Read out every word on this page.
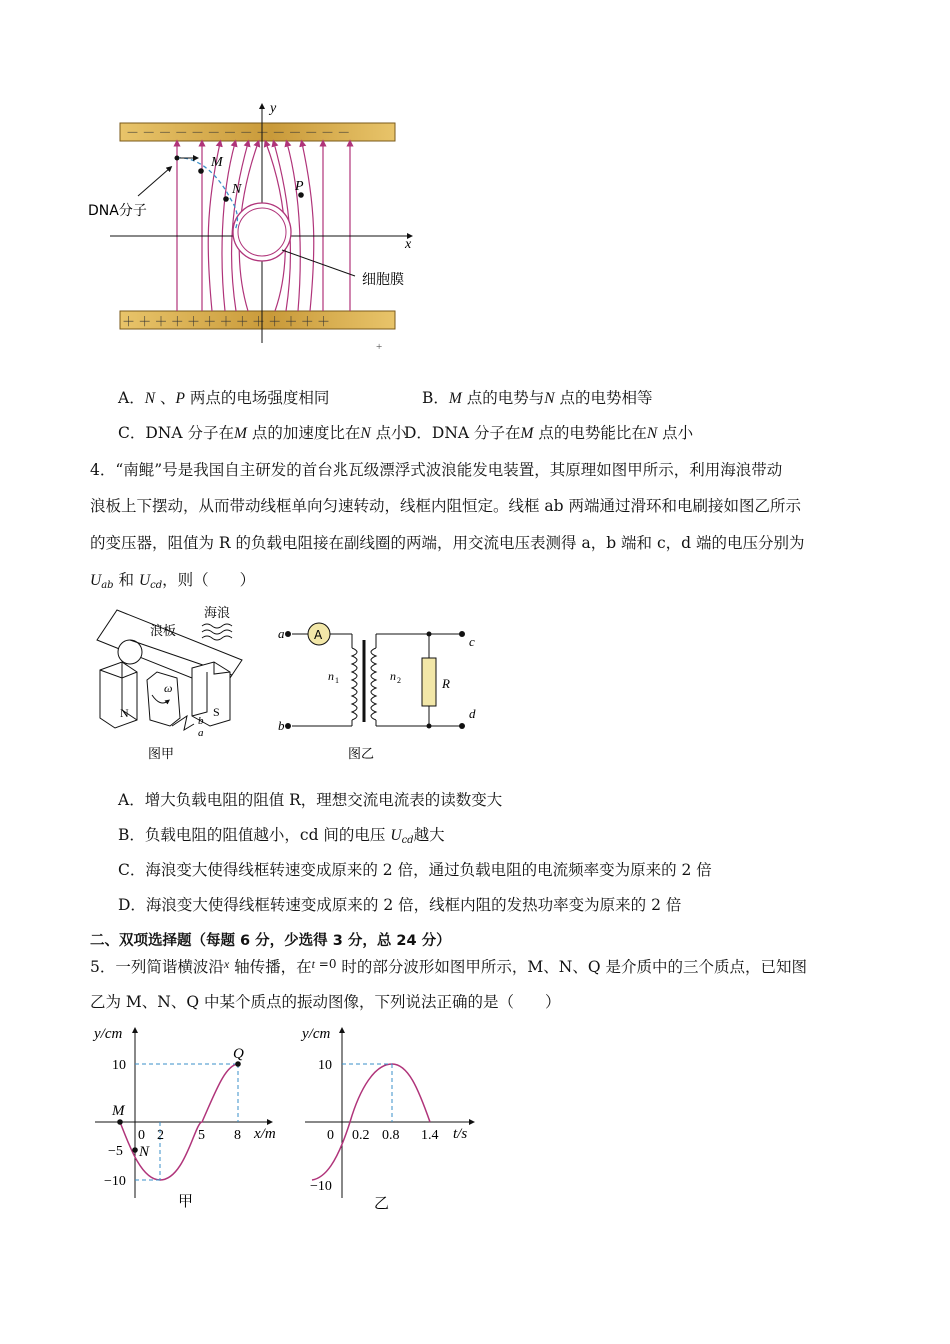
－ － － － － － － － － － － － － －
＋ ＋ ＋ ＋ ＋ ＋ ＋ ＋ ＋ ＋ ＋ ＋ ＋
y
x
细胞膜
M
N	P
DNA分子
+
A．N 、P 两点的电场强度相同	B．M 点的电势与N 点的电势相等
C．DNA 分子在M 点的加速度比在N 点小
D．DNA 分子在M 点的电势能比在N 点小
4．“南鲲”号是我国自主研发的首台兆瓦级漂浮式波浪能发电装置，其原理如图甲所示，利用海浪带动
浪板上下摆动，从而带动线框单向匀速转动，线框内阻恒定。线框 ab 两端通过滑环和电刷接如图乙所示
的变压器，阻值为 R 的负载电阻接在副线圈的两端，用交流电压表测得 a，b 端和 c，d 端的电压分别为
$U_{ab}$ 和 $U_{cd}$，则（　　）
浪板
海浪
N	S
ω
b
a
图甲
A
R
a
b
c
d
n 1	n 2
图乙
A．增大负载电阻的阻值 R，理想交流电流表的读数变大
B．负载电阻的阻值越小，cd 间的电压 $U_{cd}$越大
C．海浪变大使得线框转速变成原来的 2 倍，通过负载电阻的电流频率变为原来的 2 倍
D．海浪变大使得线框转速变成原来的 2 倍，线框内阻的发热功率变为原来的 2 倍
二、双项选择题（每题 6 分，少选得 3 分，总 24 分）
5．一列简谐横波沿$^x$ 轴传播，在$^t$ $^{=0}$ 时的部分波形如图甲所示，M、N、Q 是介质中的三个质点，已知图
乙为 M、N、Q 中某个质点的振动图像，下列说法正确的是（　　）
y/cm
x/m
M
N
Q
10
−5
−10
0 2 5 8
甲
y/cm
t/s
10
−10
0 0.2 0.8 1.4
乙
